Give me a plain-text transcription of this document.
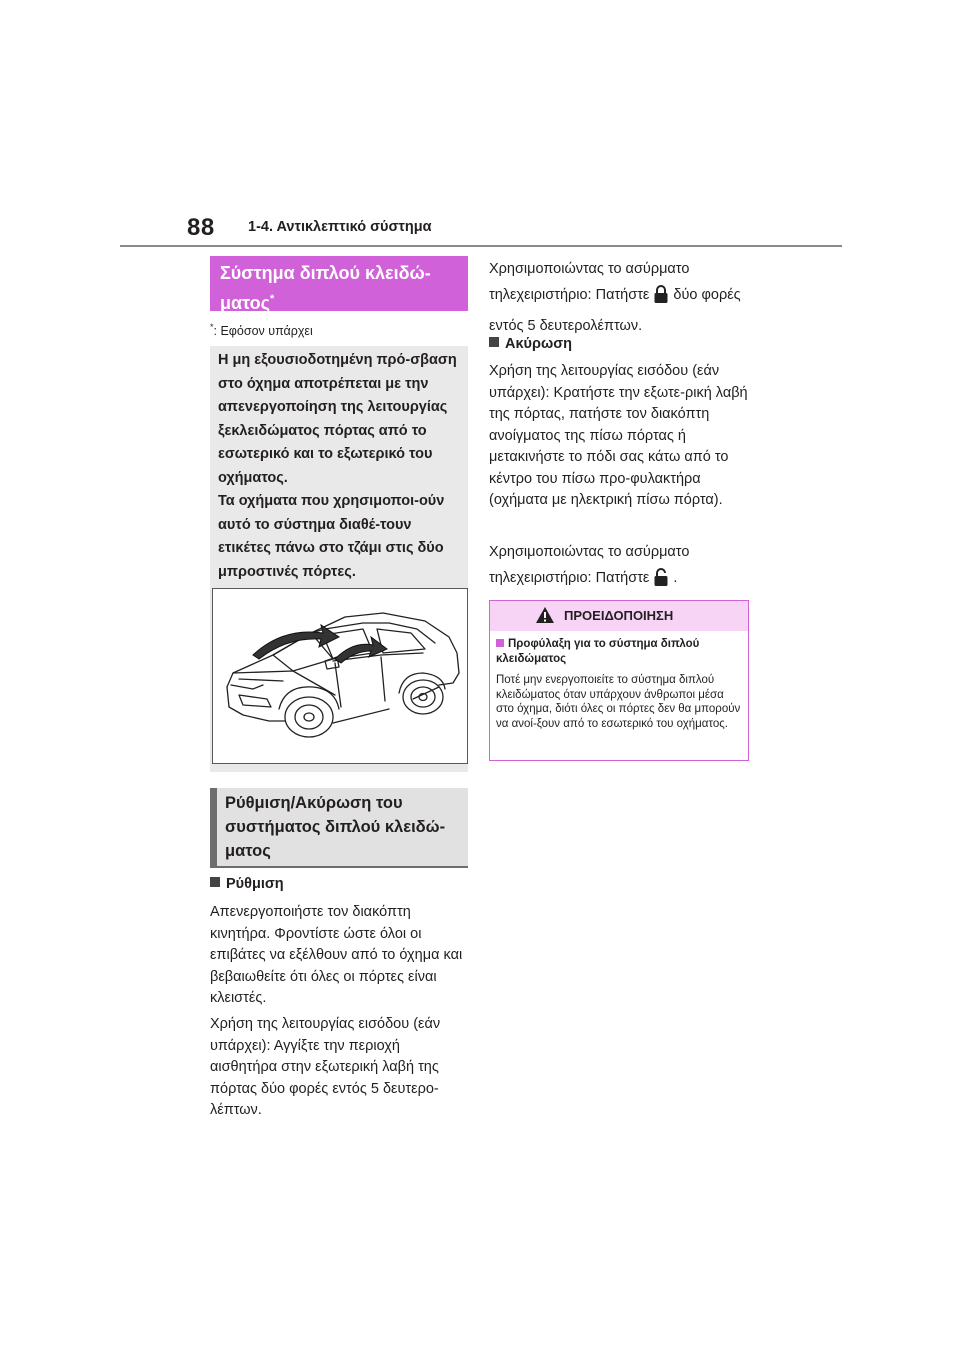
88 1-4. Αντικλεπτικό σύστημα
Σύστημα διπλού κλειδώ-ματος*
*: Εφόσον υπάρχει
Η μη εξουσιοδοτημένη πρό-σβαση στο όχημα αποτρέπεται με την απενεργοποίηση της λειτουργίας ξεκλειδώματος πόρτας από το εσωτερικό και το εξωτερικό του οχήματος.
Τα οχήματα που χρησιμοποι-ούν αυτό το σύστημα διαθέ-τουν ετικέτες πάνω στο τζάμι στις δύο μπροστινές πόρτες.
Ρύθμιση/Ακύρωση του συστήματος διπλού κλειδώ-ματος
Ρύθμιση
Απενεργοποιήστε τον διακόπτη κινητήρα. Φροντίστε ώστε όλοι οι επιβάτες να εξέλθουν από το όχημα και βεβαιωθείτε ότι όλες οι πόρτες είναι κλειστές.
Χρήση της λειτουργίας εισόδου (εάν υπάρχει): Αγγίξτε την περιοχή αισθητήρα στην εξωτερική λαβή της πόρτας δύο φορές εντός 5 δευτερο-λέπτων.
Χρησιμοποιώντας το ασύρματο τηλεχειριστήριο: Πατήστε δύο φορές εντός 5 δευτερολέπτων.
Ακύρωση
Χρήση της λειτουργίας εισόδου (εάν υπάρχει): Κρατήστε την εξωτε-ρική λαβή της πόρτας, πατήστε τον διακόπτη ανοίγματος της πίσω πόρτας ή μετακινήστε το πόδι σας κάτω από το κέντρο του πίσω προ-φυλακτήρα (οχήματα με ηλεκτρική πίσω πόρτα).
Χρησιμοποιώντας το ασύρματο τηλεχειριστήριο: Πατήστε .
ΠΡΟΕΙΔΟΠΟΙΗΣΗ
Προφύλαξη για το σύστημα διπλού κλειδώματος
Ποτέ μην ενεργοποιείτε το σύστημα διπλού κλειδώματος όταν υπάρχουν άνθρωποι μέσα στο όχημα, διότι όλες οι πόρτες δεν θα μπορούν να ανοί-ξουν από το εσωτερικό του οχήματος.
